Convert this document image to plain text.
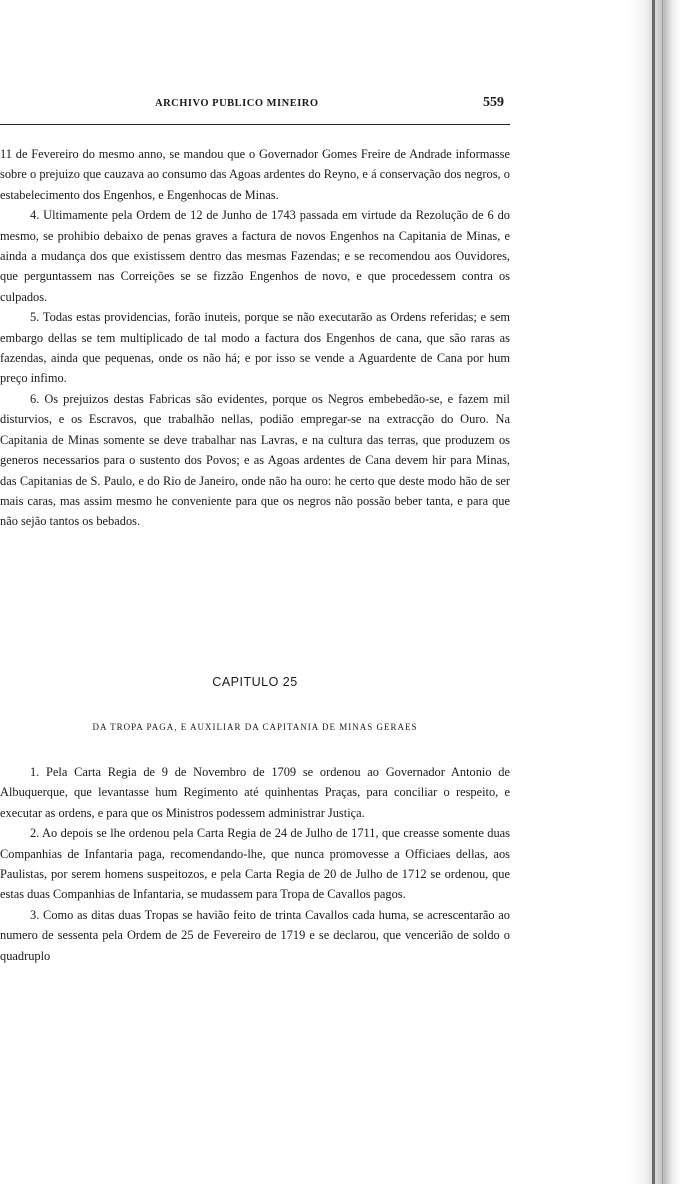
ARCHIVO PUBLICO MINEIRO	559

11 de Fevereiro do mesmo anno, se mandou que o Governador Gomes Freire de Andrade informasse sobre o prejuizo que cauzava ao consumo das Agoas ardentes do Reyno, e á conservação dos negros, o estabelecimento dos Engenhos, e Engenhocas de Minas.

4. Ultimamente pela Ordem de 12 de Junho de 1743 passada em virtude da Rezolução de 6 do mesmo, se prohibio debaixo de penas graves a factura de novos Engenhos na Capitania de Minas, e ainda a mudança dos que existissem dentro das mesmas Fazendas; e se recomendou aos Ouvidores, que perguntassem nas Correições se se fizzão Engenhos de novo, e que procedessem contra os culpados.

5. Todas estas providencias, forão inuteis, porque se não executarão as Ordens referidas; e sem embargo dellas se tem multiplicado de tal modo a factura dos Engenhos de cana, que são raras as fazendas, ainda que pequenas, onde os não há; e por isso se vende a Aguardente de Cana por hum preço infimo.

6. Os prejuizos destas Fabricas são evidentes, porque os Negros embebedão-se, e fazem mil disturvios, e os Escravos, que trabalhão nellas, podião empregar-se na extracção do Ouro. Na Capitania de Minas somente se deve trabalhar nas Lavras, e na cultura das terras, que produzem os generos necessarios para o sustento dos Povos; e as Agoas ardentes de Cana devem hir para Minas, das Capitanias de S. Paulo, e do Rio de Janeiro, onde não ha ouro: he certo que deste modo hão de ser mais caras, mas assim mesmo he conveniente para que os negros não possão beber tanta, e para que não sejão tantos os bebados.

CAPITULO 25
DA TROPA PAGA, E AUXILIAR DA CAPITANIA DE MINAS GERAES

1. Pela Carta Regia de 9 de Novembro de 1709 se ordenou ao Governador Antonio de Albuquerque, que levantasse hum Regimento até quinhentas Praças, para conciliar o respeito, e executar as ordens, e para que os Ministros podessem administrar Justiça.

2. Ao depois se lhe ordenou pela Carta Regia de 24 de Julho de 1711, que creasse somente duas Companhias de Infantaria paga, recomendando-lhe, que nunca promovesse a Officiaes dellas, aos Paulistas, por serem homens suspeitozos, e pela Carta Regia de 20 de Julho de 1712 se ordenou, que estas duas Companhias de Infantaria, se mudassem para Tropa de Cavallos pagos.

3. Como as ditas duas Tropas se havião feito de trinta Cavallos cada huma, se acrescentarão ao numero de sessenta pela Ordem de 25 de Fevereiro de 1719 e se declarou, que vencerião de soldo o quadruplo
